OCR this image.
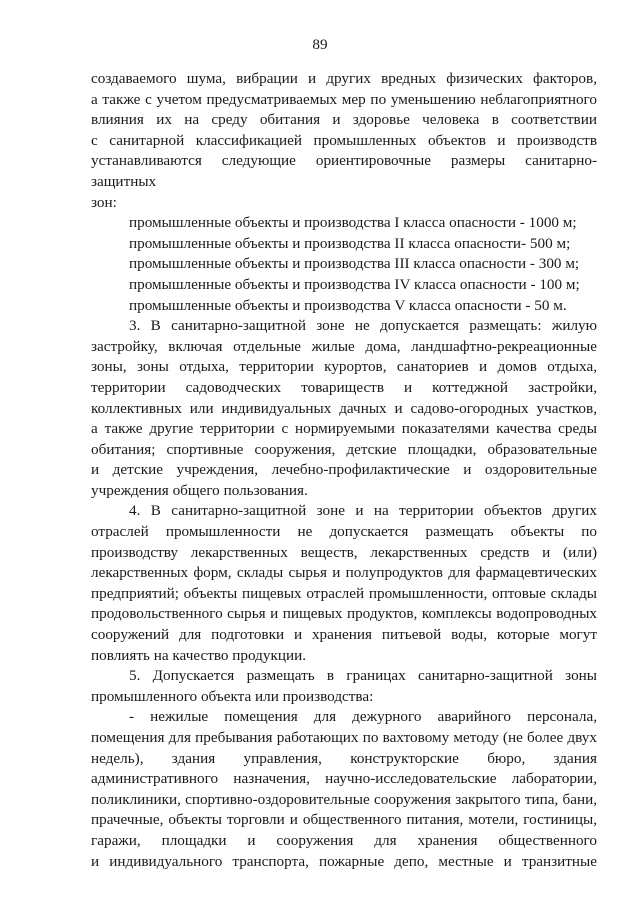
89

создаваемого шума, вибрации и других вредных физических факторов,

а также с учетом предусматриваемых мер по уменьшению неблагоприятного

влияния их на среду обитания и здоровье человека в соответствии

с санитарной классификацией промышленных объектов и производств

устанавливаются следующие ориентировочные размеры санитарно-защитных

зон:

промышленные объекты и производства I класса опасности - 1000 м;

промышленные объекты и производства II класса опасности- 500 м;

промышленные объекты и производства III класса опасности - 300 м;

промышленные объекты и производства IV класса опасности - 100 м;

промышленные объекты и производства V класса опасности - 50 м.

3. В санитарно-защитной зоне не допускается размещать: жилую

застройку, включая отдельные жилые дома, ландшафтно-рекреационные

зоны, зоны отдыха, территории курортов, санаториев и домов отдыха,

территории садоводческих товариществ и коттеджной застройки,

коллективных или индивидуальных дачных и садово-огородных участков,

а также другие территории с нормируемыми показателями качества среды

обитания; спортивные сооружения, детские площадки, образовательные

и детские учреждения, лечебно-профилактические и оздоровительные

учреждения общего пользования.

4. В санитарно-защитной зоне и на территории объектов других

отраслей промышленности не допускается размещать объекты по

производству лекарственных веществ, лекарственных средств и (или)

лекарственных форм, склады сырья и полупродуктов для фармацевтических

предприятий; объекты пищевых отраслей промышленности, оптовые склады

продовольственного сырья и пищевых продуктов, комплексы водопроводных

сооружений для подготовки и хранения питьевой воды, которые могут

повлиять на качество продукции.

5. Допускается размещать в границах санитарно-защитной зоны

промышленного объекта или производства:

- нежилые помещения для дежурного аварийного персонала,

помещения для пребывания работающих по вахтовому методу (не более двух

недель), здания управления, конструкторские бюро, здания

административного назначения, научно-исследовательские лаборатории,

поликлиники, спортивно-оздоровительные сооружения закрытого типа, бани,

прачечные, объекты торговли и общественного питания, мотели, гостиницы,

гаражи, площадки и сооружения для хранения общественного

и индивидуального транспорта, пожарные депо, местные и транзитные
